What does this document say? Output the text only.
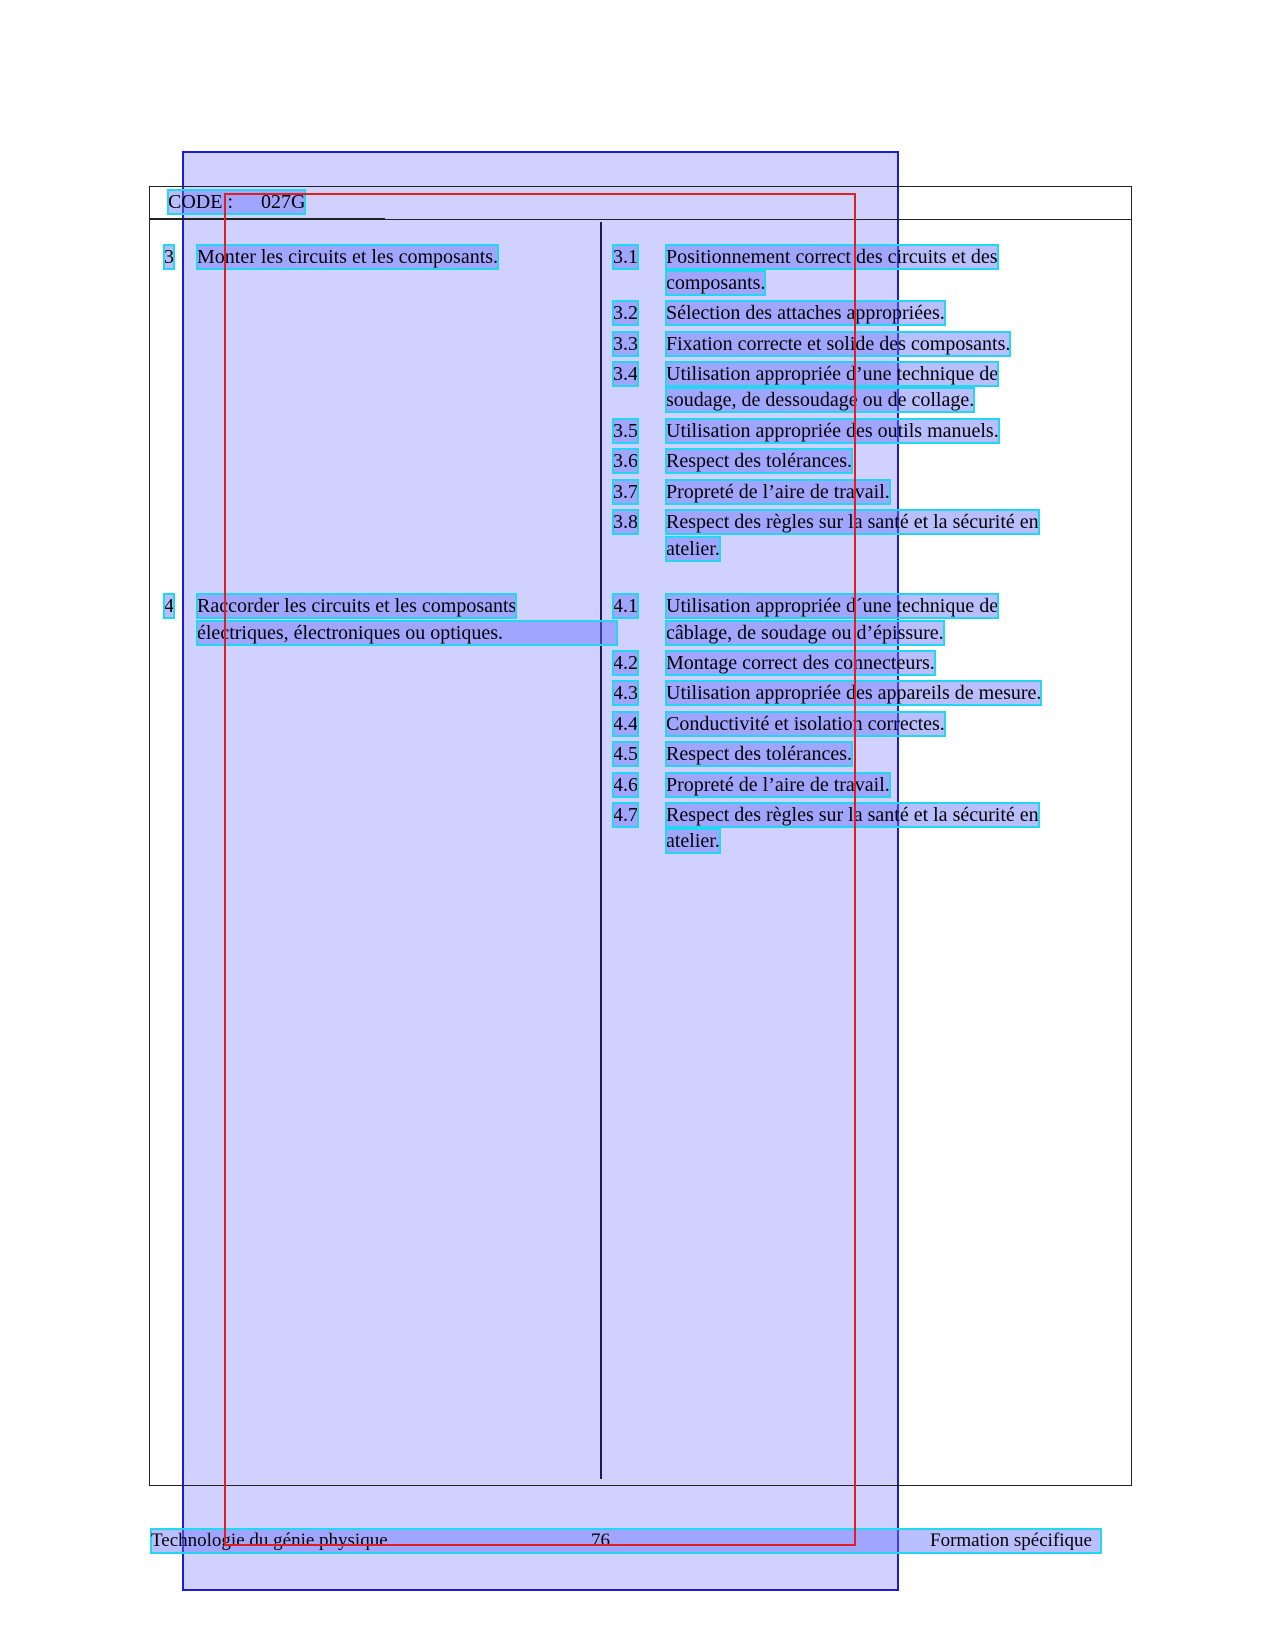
CODE : 027G
3 Monter les circuits et les composants.	3.1 Positionnement correct des circuits et des
composants.
3.2 Sélection des attaches appropriées.
3.3 Fixation correcte et solide des composants.
3.4 Utilisation appropriée d’une technique de
soudage, de dessoudage ou de collage.
3.5 Utilisation appropriée des outils manuels.
3.6 Respect des tolérances.
3.7 Propreté de l’aire de travail.
3.8 Respect des règles sur la santé et la sécurité en
atelier.
4 Raccorder les circuits et les composants
électriques, électroniques ou optiques.
4.1 Utilisation appropriée d´une technique de
câblage, de soudage ou d’épissure.
4.2 Montage correct des connecteurs.
4.3 Utilisation appropriée des appareils de mesure.
4.4 Conductivité et isolation correctes.
4.5 Respect des tolérances.
4.6 Propreté de l’aire de travail.
4.7 Respect des règles sur la santé et la sécurité en
atelier.
Technologie du génie physique	76	Formation spécifique
